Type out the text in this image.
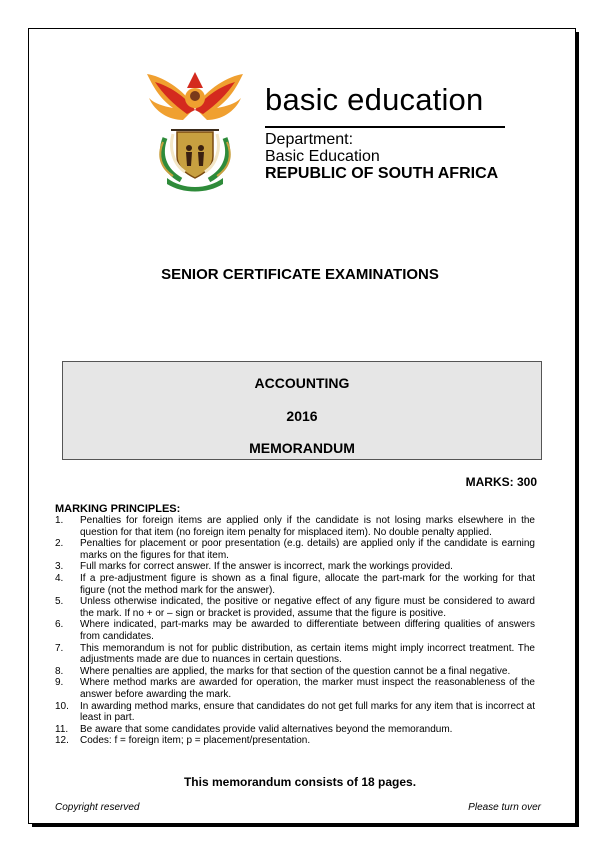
basic education
Department:
Basic Education
REPUBLIC OF SOUTH AFRICA
SENIOR CERTIFICATE EXAMINATIONS
ACCOUNTING
2016
MEMORANDUM
MARKS: 300
MARKING PRINCIPLES:
1. Penalties for foreign items are applied only if the candidate is not losing marks elsewhere in the question for that item (no foreign item penalty for misplaced item). No double penalty applied.
2. Penalties for placement or poor presentation (e.g. details) are applied only if the candidate is earning marks on the figures for that item.
3. Full marks for correct answer. If the answer is incorrect, mark the workings provided.
4. If a pre-adjustment figure is shown as a final figure, allocate the part-mark for the working for that figure (not the method mark for the answer).
5. Unless otherwise indicated, the positive or negative effect of any figure must be considered to award the mark. If no + or – sign or bracket is provided, assume that the figure is positive.
6. Where indicated, part-marks may be awarded to differentiate between differing qualities of answers from candidates.
7. This memorandum is not for public distribution, as certain items might imply incorrect treatment. The adjustments made are due to nuances in certain questions.
8. Where penalties are applied, the marks for that section of the question cannot be a final negative.
9. Where method marks are awarded for operation, the marker must inspect the reasonableness of the answer before awarding the mark.
10. In awarding method marks, ensure that candidates do not get full marks for any item that is incorrect at least in part.
11. Be aware that some candidates provide valid alternatives beyond the memorandum.
12. Codes: f = foreign item; p = placement/presentation.
This memorandum consists of 18 pages.
Copyright reserved	Please turn over
